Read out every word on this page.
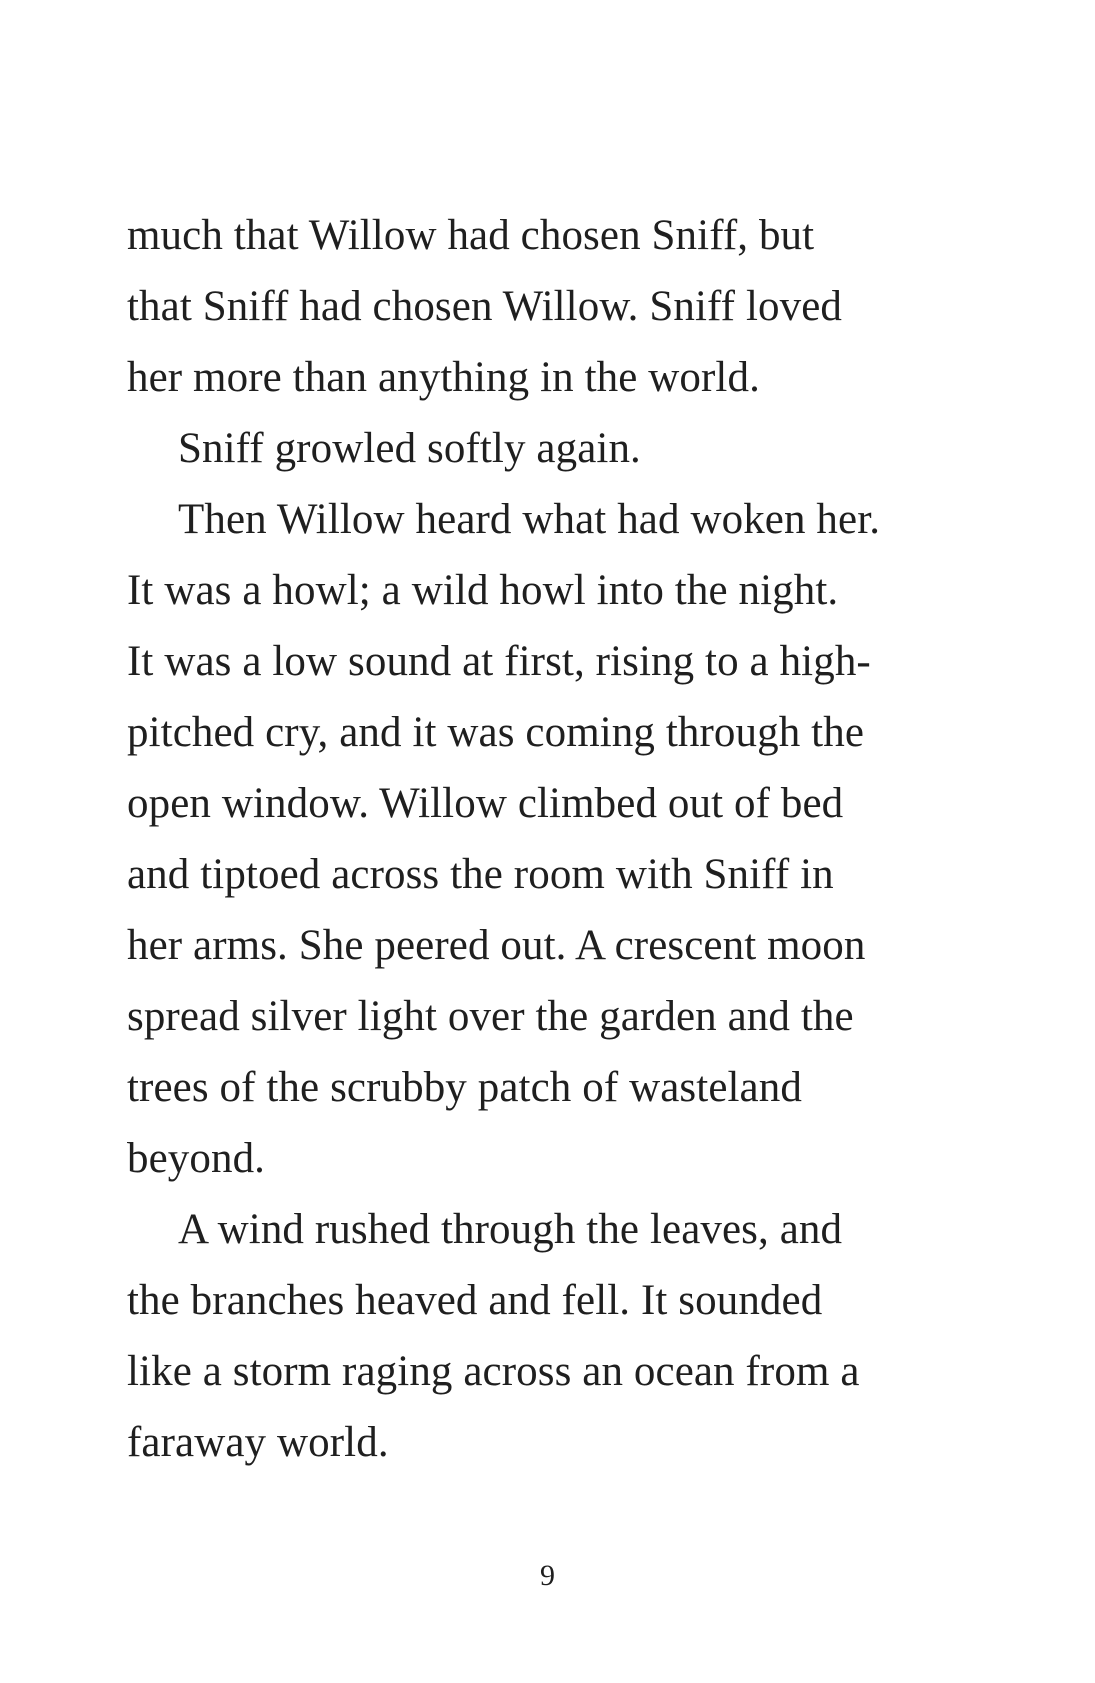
much that Willow had chosen Sniff, but
that Sniff had chosen Willow. Sniff loved
her more than anything in the world.
Sniff growled softly again.
Then Willow heard what had woken her.
It was a howl; a wild howl into the night.
It was a low sound at first, rising to a high-
pitched cry, and it was coming through the
open window. Willow climbed out of bed
and tiptoed across the room with Sniff in
her arms. She peered out. A crescent moon
spread silver light over the garden and the
trees of the scrubby patch of wasteland
beyond.
A wind rushed through the leaves, and
the branches heaved and fell. It sounded
like a storm raging across an ocean from a
faraway world.
9
